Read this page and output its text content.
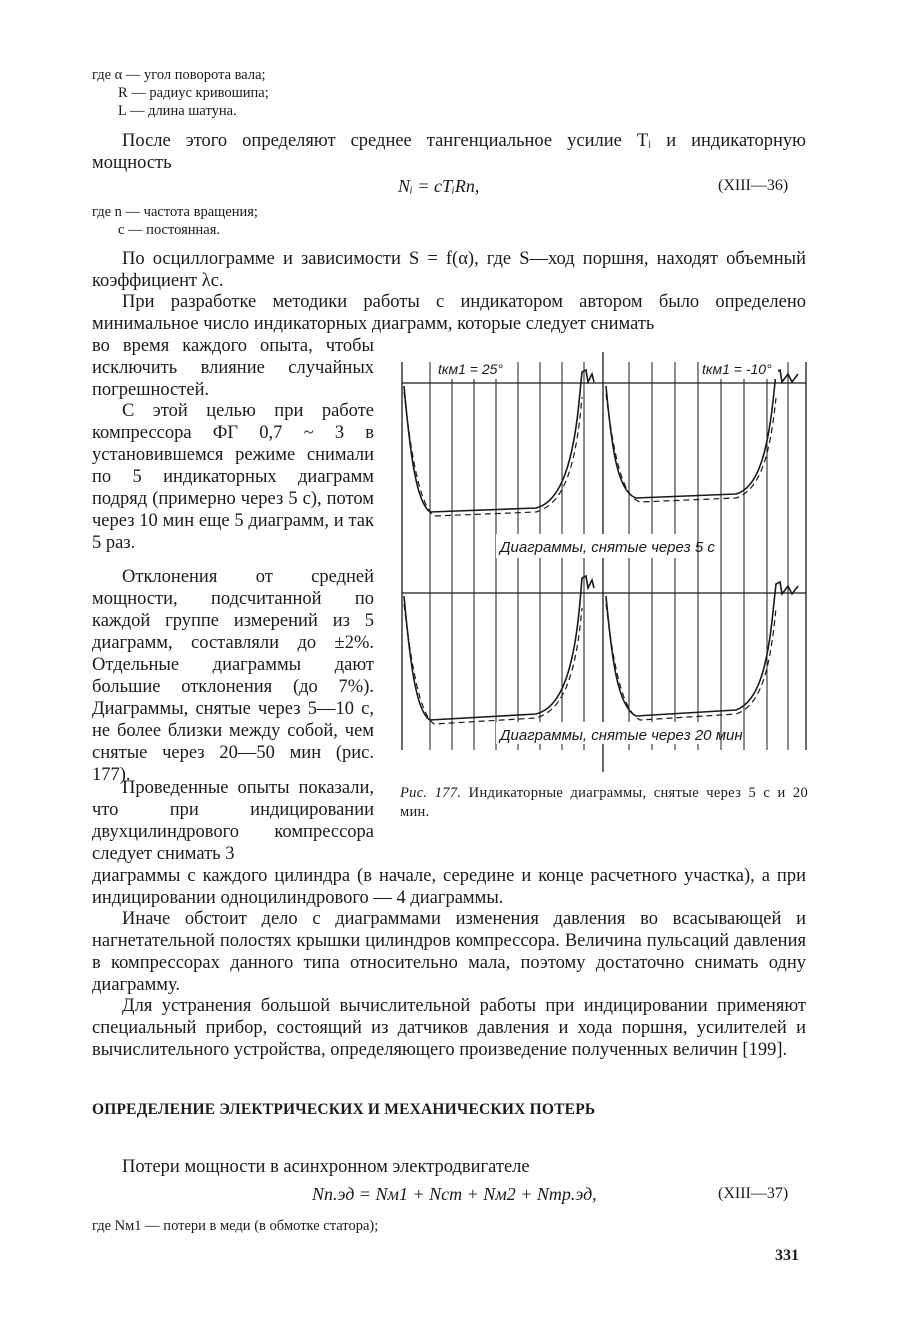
где α — угол поворота вала;
R — радиус кривошипа;
L — длина шатуна.
После этого определяют среднее тангенциальное усилие Tᵢ и индикаторную мощность
Nᵢ = cTᵢRn,	(XIII—36)
где n — частота вращения;
c — постоянная.
По осциллограмме и зависимости S = f(α), где S—ход поршня, находят объемный коэффициент λc.
При разработке методики работы с индикатором автором было определено минимальное число индикаторных диаграмм, которые следует снимать
во время каждого опыта, чтобы исключить влияние случайных погрешностей.
С этой целью при работе компрессора ФГ 0,7 ~ 3 в установившемся режиме снимали по 5 индикаторных диаграмм подряд (примерно через 5 с), потом через 10 мин еще 5 диаграмм, и так 5 раз.
Отклонения от средней мощности, подсчитанной по каждой группе измерений из 5 диаграмм, составляли до ±2%. Отдельные диаграммы дают большие отклонения (до 7%). Диаграммы, снятые через 5—10 с, не более близки между собой, чем снятые через 20—50 мин (рис. 177).
Проведенные опыты показали, что при индицировании двухцилиндрового компрессора следует снимать 3
tкм1 = 25°	tкм1 = -10°
Диаграммы, снятые через 5 с
Диаграммы, снятые через 20 мин
Рис. 177. Индикаторные диаграммы, снятые через 5 с и 20 мин.
диаграммы с каждого цилиндра (в начале, середине и конце расчетного участка), а при индицировании одноцилиндрового — 4 диаграммы.
Иначе обстоит дело с диаграммами изменения давления во всасывающей и нагнетательной полостях крышки цилиндров компрессора. Величина пульсаций давления в компрессорах данного типа относительно мала, поэтому достаточно снимать одну диаграмму.
Для устранения большой вычислительной работы при индицировании применяют специальный прибор, состоящий из датчиков давления и хода поршня, усилителей и вычислительного устройства, определяющего произведение полученных величин [199].
ОПРЕДЕЛЕНИЕ ЭЛЕКТРИЧЕСКИХ И МЕХАНИЧЕСКИХ ПОТЕРЬ
Потери мощности в асинхронном электродвигателе
Nп.эд = Nм1 + Nст + Nм2 + Nтр.эд,	(XIII—37)
где Nм1 — потери в меди (в обмотке статора);
331
